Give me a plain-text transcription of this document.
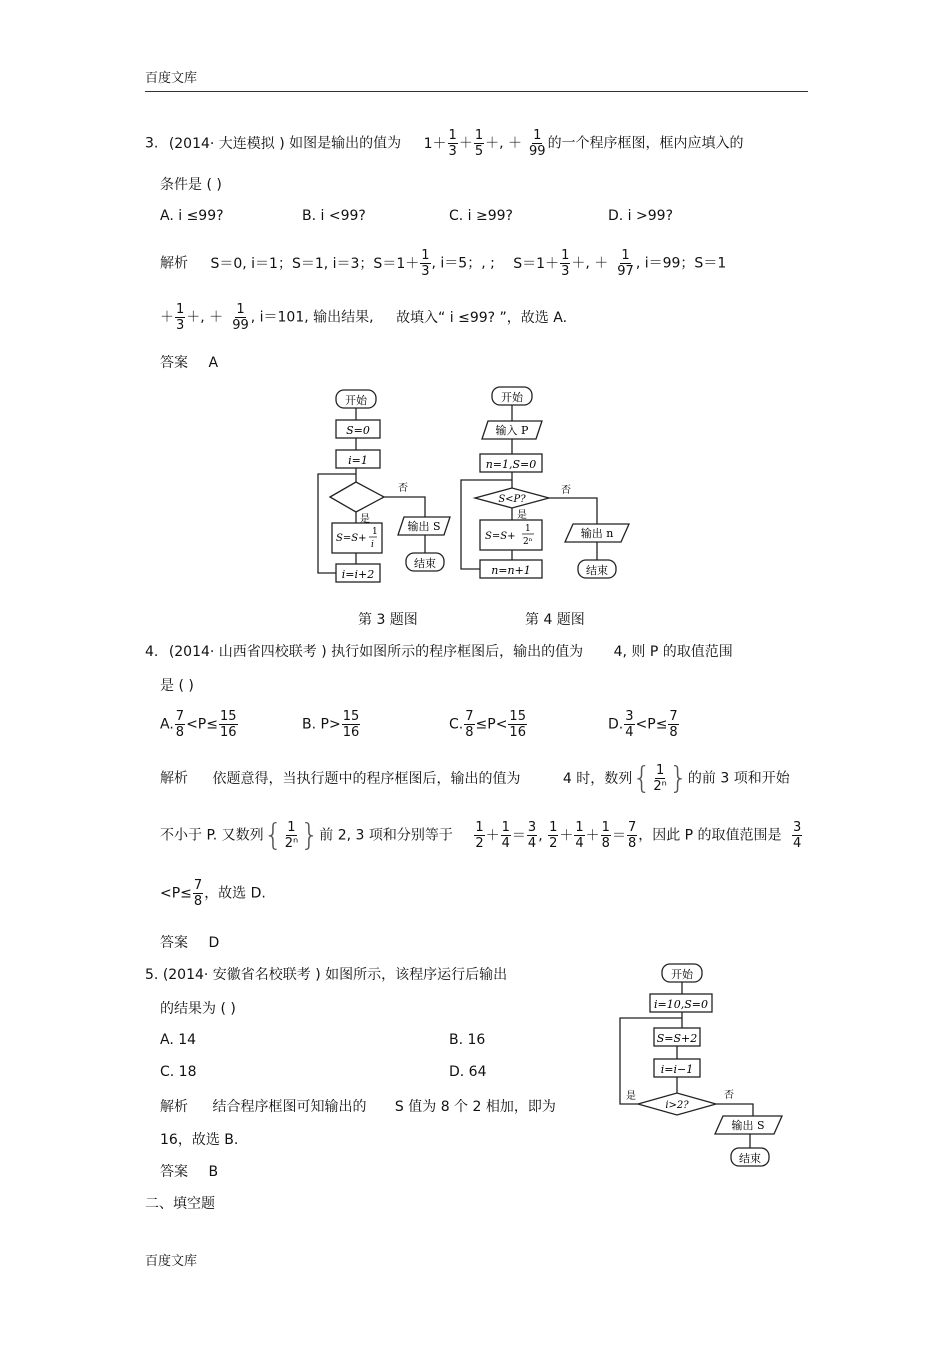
百度文库
3. (2014· 大连模拟 ) 如图是输出的值为 $1+ \frac{1}{3} + \frac{1}{5}$ ＋, ＋ $\frac{1}{99}$ 的一个程序框图，框内应填入的
条件是 ( )
A. i ≤99?	B. i <99?	C. i ≥99?	D. i >99?
解析 S＝0, i＝1；S＝1, i＝3；$S=1+ \frac{1}{3}$ , i＝5；, ; $S=1+ \frac{1}{3}$ ＋, ＋ $\frac{1}{97}$ , i＝99；S＝1
＋ $\frac{1}{3}$ ＋, ＋ $\frac{1}{99}$ , i＝101, 输出结果, 故填入“ i ≤99? ”，故选 A.
答案 A
开始
S=0
i=1
否
是
S=S+
1
i
i=i+2
输出 S
结束
开始
输入 P
n=1,S=0
S<P?
否
是
S=S+
1
2ⁿ
n=n+1
输出 n
结束
第 3 题图	第 4 题图
4. (2014· 山西省四校联考 ) 执行如图所示的程序框图后，输出的值为 4, 则 P 的取值范围
是 ( )
A. $\frac{7}{8} <P\le \frac{15}{16}$	B. $P> \frac{15}{16}$	C. $\frac{7}{8} \le P< \frac{15}{16}$	D. $\frac{3}{4} <P\le \frac{7}{8}$
解析 依题意得，当执行题中的程序框图后，输出的值为	4 时，数列 { $\frac{1}{\text{2ⁿ}}$ } 的前 3 项和开始
不小于 P. 又数列 { $\frac{1}{\text{2ⁿ}}$ } 前 2, 3 项和分别等于 $\frac{1}{2} + \frac{1}{4} = \frac{3}{4}$ , $\frac{1}{2} + \frac{1}{4} + \frac{1}{8} = \frac{7}{8}$ ，因此 P 的取值范围是 $\frac{3}{4}$
$<P\le \frac{7}{8}$ ，故选 D.
答案 D
5. (2014· 安徽省名校联考 ) 如图所示，该程序运行后输出
的结果为 ( )
A. 14	B. 16
C. 18	D. 64
解析 结合程序框图可知输出的 S 值为 8 个 2 相加，即为
16，故选 B.
答案 B
开始
i=10,S=0
S=S+2
i=i−1
i>2?
是	否
输出 S
结束
二、填空题
百度文库
